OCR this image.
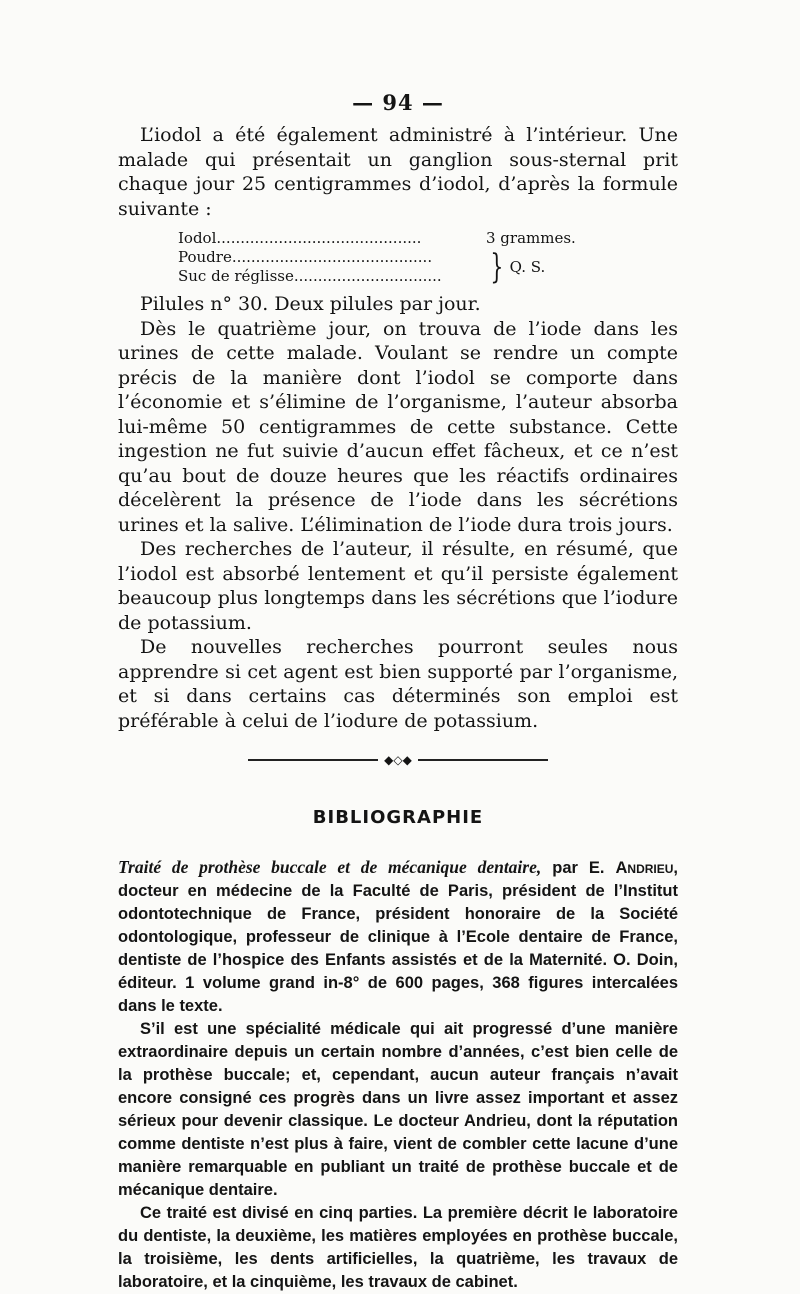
— 94 —

L’iodol a été également administré à l’intérieur. Une malade qui présentait un ganglion sous-sternal prit chaque jour 25 centigrammes d’iodol, d’après la formule suivante :

Iodol...........................................	3 grammes.
Poudre..........................................
Suc de réglisse...............................	} Q. S.

Pilules n° 30. Deux pilules par jour.

Dès le quatrième jour, on trouva de l’iode dans les urines de cette malade. Voulant se rendre un compte précis de la manière dont l’iodol se comporte dans l’économie et s’élimine de l’organisme, l’auteur absorba lui-même 50 centigrammes de cette substance. Cette ingestion ne fut suivie d’aucun effet fâcheux, et ce n’est qu’au bout de douze heures que les réactifs ordinaires décelèrent la présence de l’iode dans les sécrétions urines et la salive. L’élimination de l’iode dura trois jours.

Des recherches de l’auteur, il résulte, en résumé, que l’iodol est absorbé lentement et qu’il persiste également beaucoup plus longtemps dans les sécrétions que l’iodure de potassium.

De nouvelles recherches pourront seules nous apprendre si cet agent est bien supporté par l’organisme, et si dans certains cas déterminés son emploi est préférable à celui de l’iodure de potassium.

◆◇◆
BIBLIOGRAPHIE

Traité de prothèse buccale et de mécanique dentaire, par E. Andrieu, docteur en médecine de la Faculté de Paris, président de l’Institut odontotechnique de France, président honoraire de la Société odontologique, professeur de clinique à l’Ecole dentaire de France, dentiste de l’hospice des Enfants assistés et de la Maternité. O. Doin, éditeur. 1 volume grand in-8° de 600 pages, 368 figures intercalées dans le texte.

S’il est une spécialité médicale qui ait progressé d’une manière extraordinaire depuis un certain nombre d’années, c’est bien celle de la prothèse buccale; et, cependant, aucun auteur français n’avait encore consigné ces progrès dans un livre assez important et assez sérieux pour devenir classique. Le docteur Andrieu, dont la réputation comme dentiste n’est plus à faire, vient de combler cette lacune d’une manière remarquable en publiant un traité de prothèse buccale et de mécanique dentaire.

Ce traité est divisé en cinq parties. La première décrit le laboratoire du dentiste, la deuxième, les matières employées en prothèse buccale, la troisième, les dents artificielles, la quatrième, les travaux de laboratoire, et la cinquième, les travaux de cabinet.
